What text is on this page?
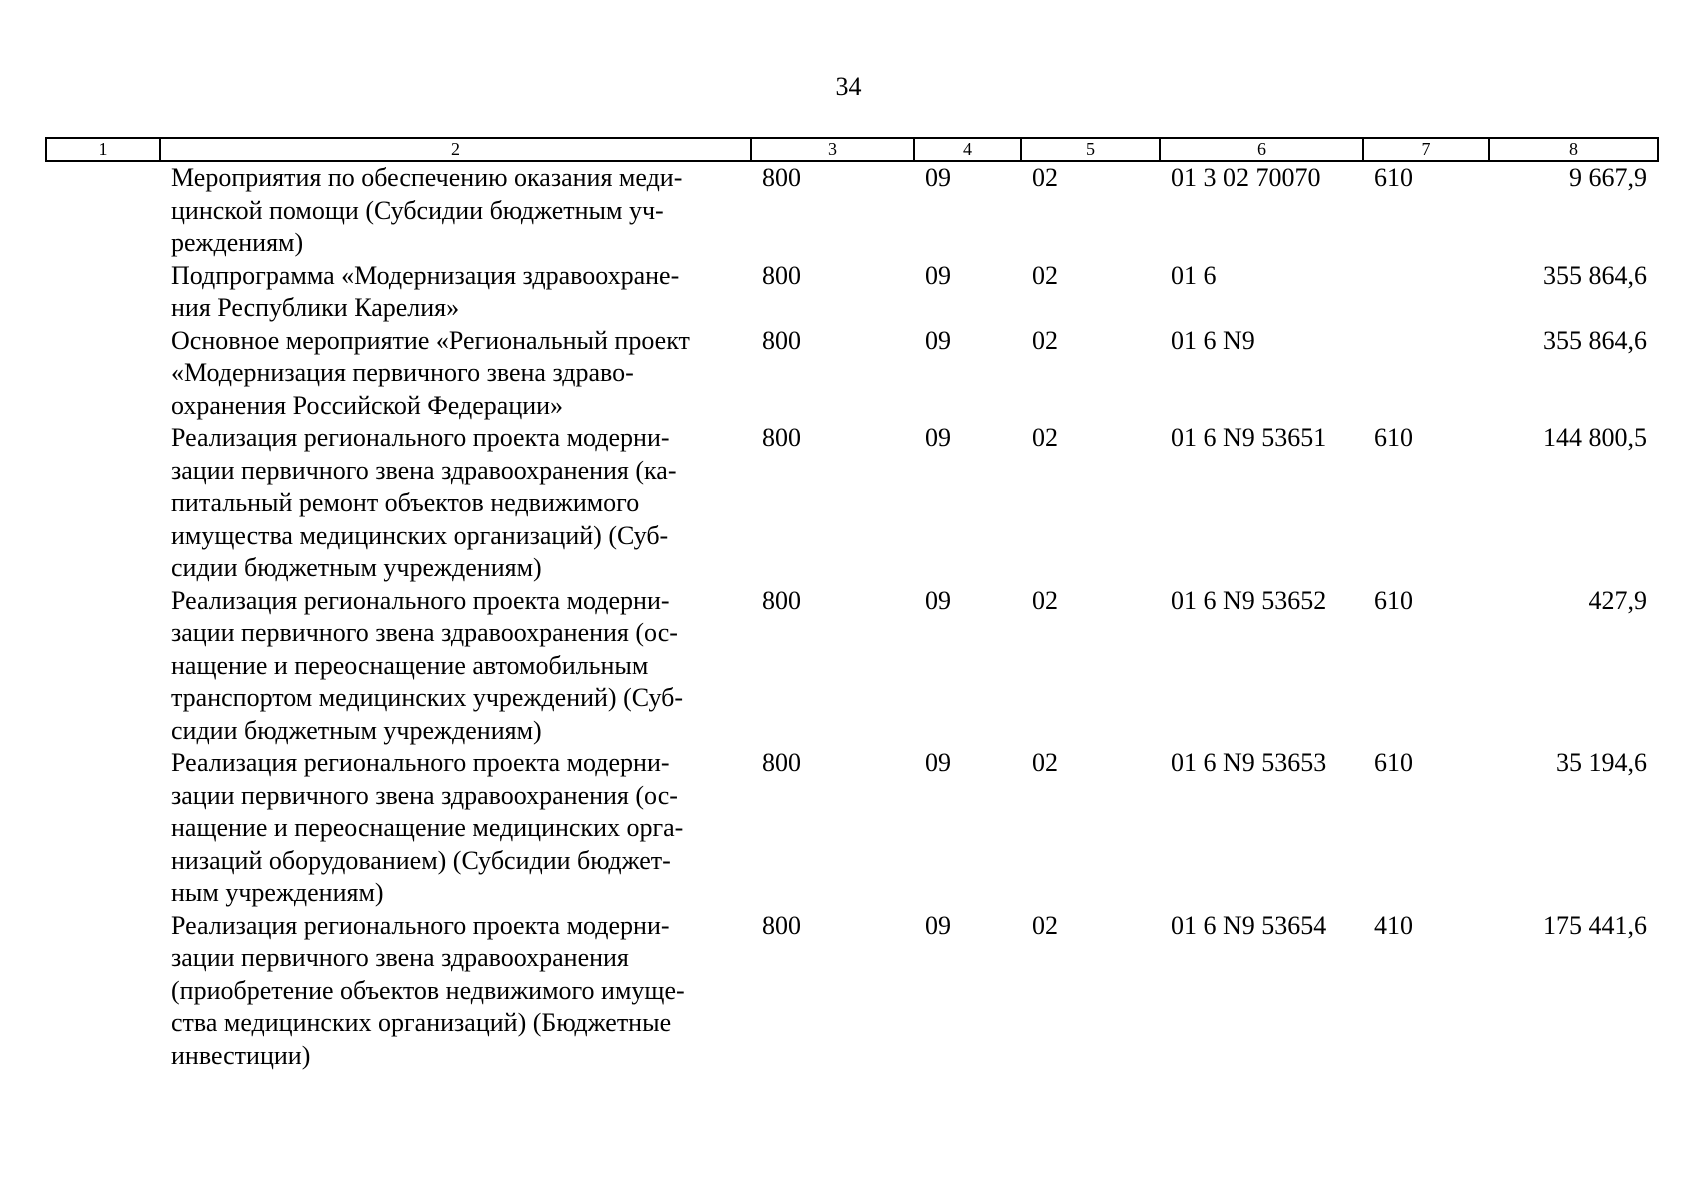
34
1	2	3	4	5	6	7	8
	Мероприятия по обеспечению оказания меди-
цинской помощи (Субсидии бюджетным уч-
реждениям)	800	09	02	01 3 02 70070	610	9 667,9
	Подпрограмма «Модернизация здравоохране-
ния Республики Карелия»	800	09	02	01 6		355 864,6
	Основное мероприятие «Региональный проект
«Модернизация первичного звена здраво-
охранения Российской Федерации»	800	09	02	01 6 N9		355 864,6
	Реализация регионального проекта модерни-
зации первичного звена здравоохранения (ка-
питальный ремонт объектов недвижимого
имущества медицинских организаций) (Суб-
сидии бюджетным учреждениям)	800	09	02	01 6 N9 53651	610	144 800,5
	Реализация регионального проекта модерни-
зации первичного звена здравоохранения (ос-
нащение и переоснащение автомобильным
транспортом медицинских учреждений) (Суб-
сидии бюджетным учреждениям)	800	09	02	01 6 N9 53652	610	427,9
	Реализация регионального проекта модерни-
зации первичного звена здравоохранения (ос-
нащение и переоснащение медицинских орга-
низаций оборудованием) (Субсидии бюджет-
ным учреждениям)	800	09	02	01 6 N9 53653	610	35 194,6
	Реализация регионального проекта модерни-
зации первичного звена здравоохранения
(приобретение объектов недвижимого имуще-
ства медицинских организаций) (Бюджетные
инвестиции)	800	09	02	01 6 N9 53654	410	175 441,6
